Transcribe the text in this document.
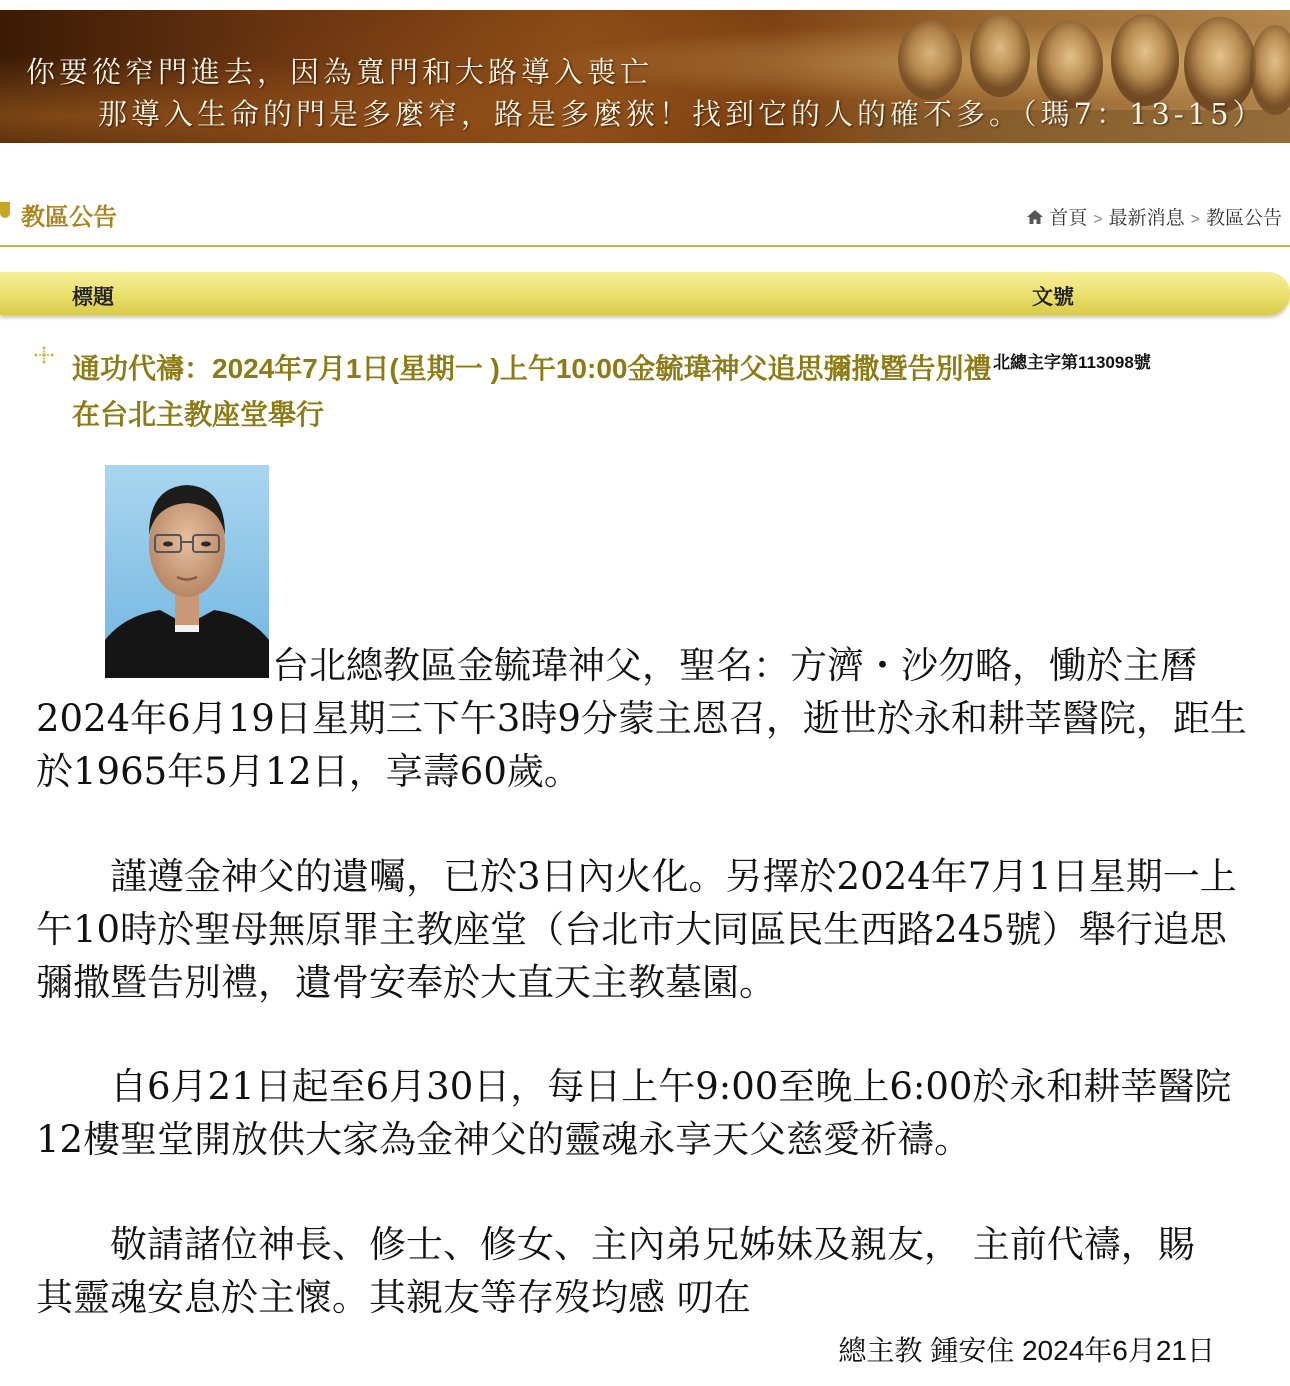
你要從窄門進去，因為寬門和大路導入喪亡
那導入生命的門是多麼窄，路是多麼狹！找到它的人的確不多。（瑪7：13-15）
教區公告	首頁 > 最新消息 > 教區公告
標題	文號
通功代禱：2024年7月1日(星期一 )上午10:00金毓瑋神父追思彌撒暨告別禮在台北主教座堂舉行
北總主字第113098號
台北總教區金毓瑋神父，聖名：方濟・沙勿略，慟於主曆2024年6月19日星期三下午3時9分蒙主恩召，逝世於永和耕莘醫院，距生於1965年5月12日，享壽60歲。
謹遵金神父的遺囑，已於3日內火化。另擇於2024年7月1日星期一上午10時於聖母無原罪主教座堂（台北市大同區民生西路245號）舉行追思彌撒暨告別禮，遺骨安奉於大直天主教墓園。
自6月21日起至6月30日，每日上午9:00至晚上6:00於永和耕莘醫院12樓聖堂開放供大家為金神父的靈魂永享天父慈愛祈禱。
敬請諸位神長、修士、修女、主內弟兄姊妹及親友， 主前代禱，賜其靈魂安息於主懷。其親友等存歿均感 叨在
總主教 鍾安住 2024年6月21日
